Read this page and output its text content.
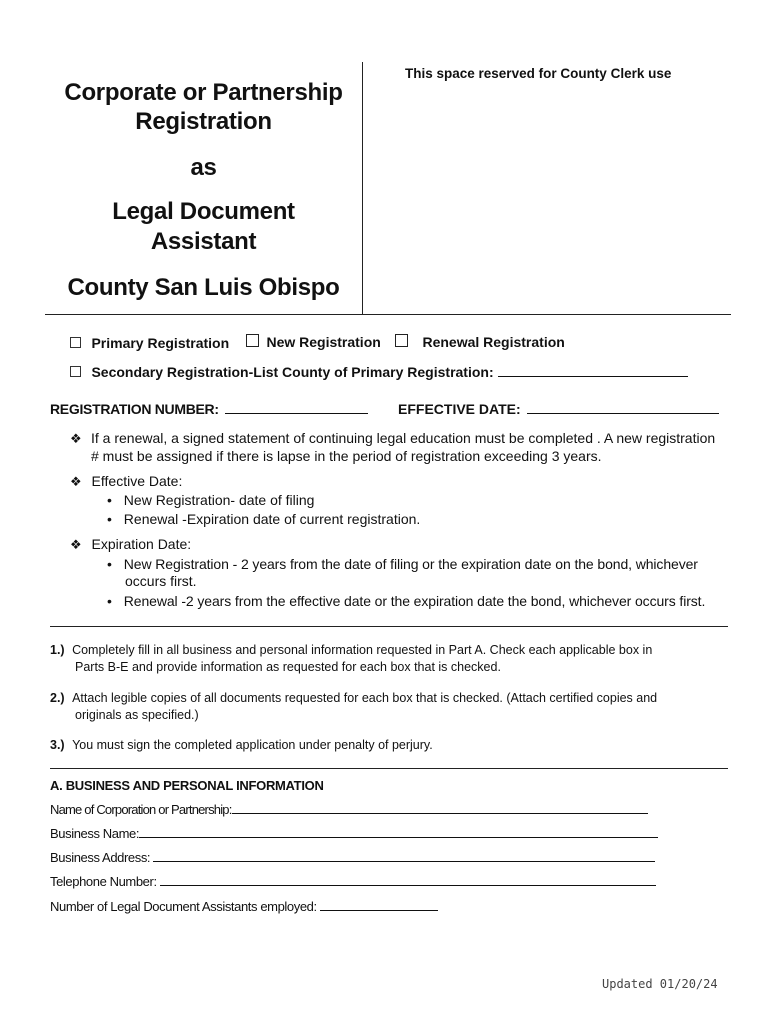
Corporate or Partnership
Registration
as
Legal Document
Assistant
County San Luis Obispo
This space reserved for County Clerk use
Primary Registration	New Registration	Renewal Registration
Secondary Registration-List County of Primary Registration:
REGISTRATION NUMBER:	EFFECTIVE DATE:
❖ If a renewal, a signed statement of continuing legal education must be completed . A new registration
# must be assigned if there is lapse in the period of registration exceeding 3 years.
❖ Effective Date:
• New Registration- date of filing
• Renewal -Expiration date of current registration.
❖ Expiration Date:
• New Registration - 2 years from the date of filing or the expiration date on the bond, whichever
occurs first.
• Renewal -2 years from the effective date or the expiration date the bond, whichever occurs first.
1.) Completely fill in all business and personal information requested in Part A. Check each applicable box in
Parts B-E and provide information as requested for each box that is checked.
2.) Attach legible copies of all documents requested for each box that is checked. (Attach certified copies and
originals as specified.)
3.) You must sign the completed application under penalty of perjury.
A. BUSINESS AND PERSONAL INFORMATION
Name of Corporation or Partnership:
Business Name:
Business Address:
Telephone Number:
Number of Legal Document Assistants employed:
Updated 01/20/24
